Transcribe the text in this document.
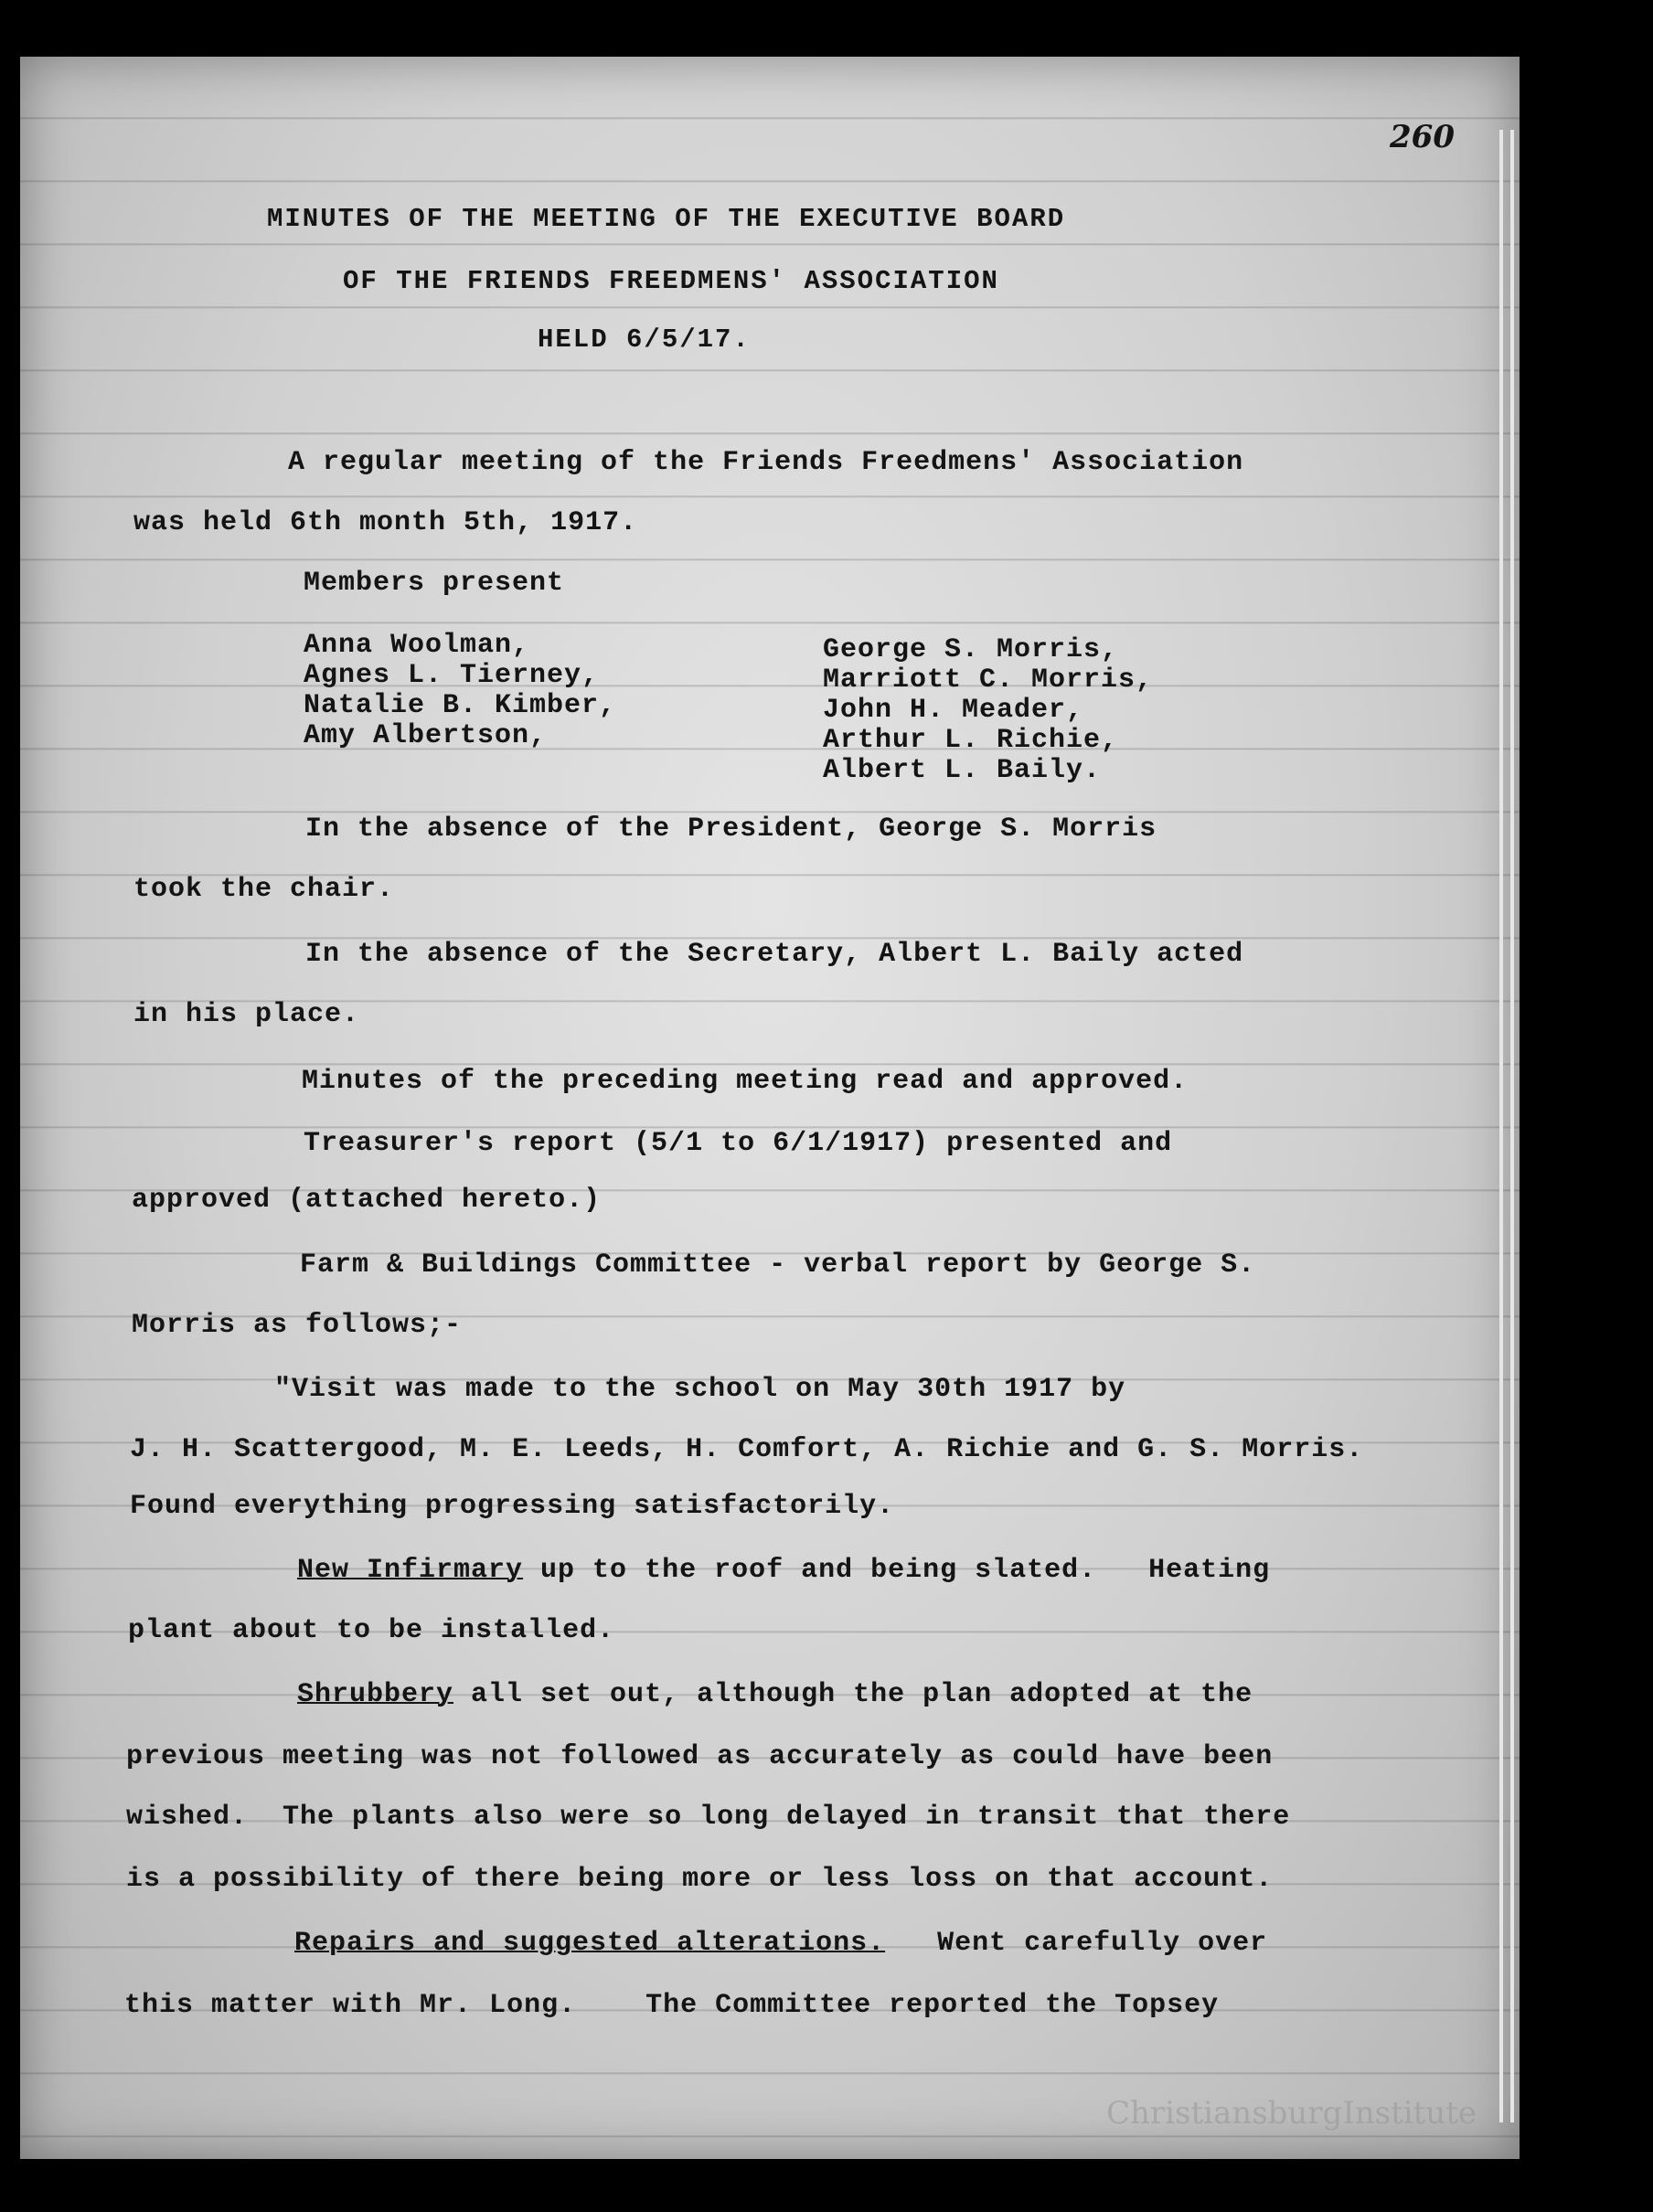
260
MINUTES OF THE MEETING OF THE EXECUTIVE BOARD
OF THE FRIENDS FREEDMENS' ASSOCIATION
HELD 6/5/17.
A regular meeting of the Friends Freedmens' Association
was held 6th month 5th, 1917.
Members present
Anna Woolman,
Agnes L. Tierney,
Natalie B. Kimber,
Amy Albertson,
George S. Morris,
Marriott C. Morris,
John H. Meader,
Arthur L. Richie,
Albert L. Baily.
In the absence of the President, George S. Morris
took the chair.
In the absence of the Secretary, Albert L. Baily acted
in his place.
Minutes of the preceding meeting read and approved.
Treasurer's report (5/1 to 6/1/1917) presented and
approved (attached hereto.)
Farm & Buildings Committee - verbal report by George S.
Morris as follows;-
"Visit was made to the school on May 30th 1917 by
J. H. Scattergood, M. E. Leeds, H. Comfort, A. Richie and G. S. Morris.
Found everything progressing satisfactorily.
New Infirmary up to the roof and being slated.   Heating
plant about to be installed.
Shrubbery all set out, although the plan adopted at the
previous meeting was not followed as accurately as could have been
wished.  The plants also were so long delayed in transit that there
is a possibility of there being more or less loss on that account.
Repairs and suggested alterations.   Went carefully over
this matter with Mr. Long.    The Committee reported the Topsey
ChristiansburgInstitute
